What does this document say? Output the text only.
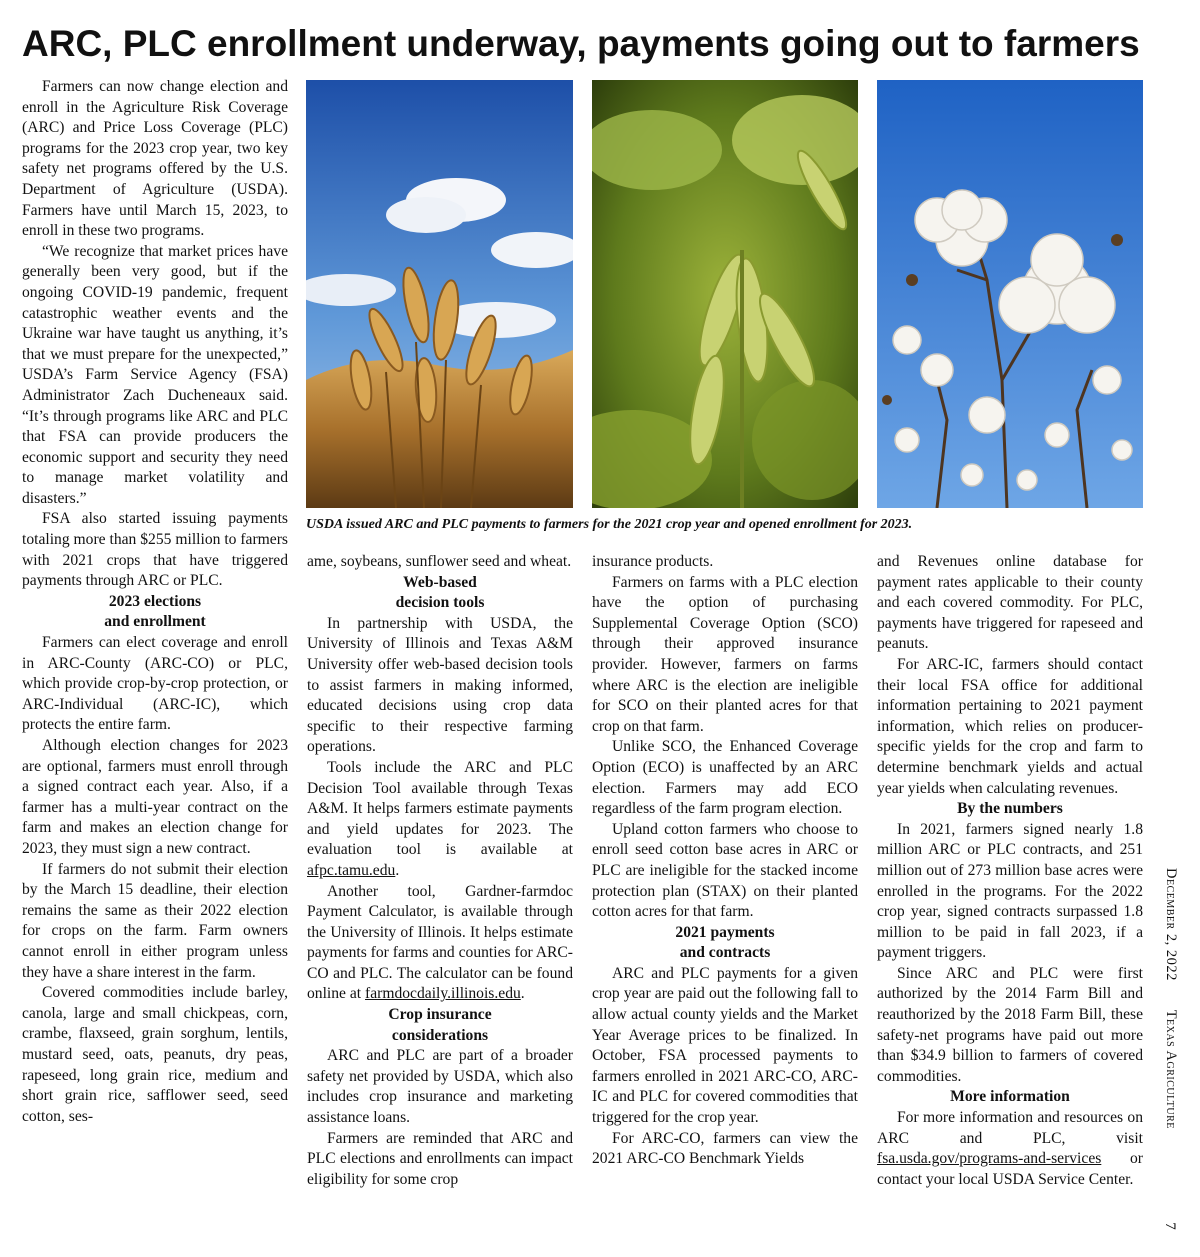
ARC, PLC enrollment underway, payments going out to farmers

Farmers can now change election and enroll in the Agriculture Risk Coverage (ARC) and Price Loss Coverage (PLC) programs for the 2023 crop year, two key safety net programs offered by the U.S. Department of Agriculture (USDA). Farmers have until March 15, 2023, to enroll in these two programs.

“We recognize that market prices have generally been very good, but if the ongoing COVID-19 pandemic, frequent catastrophic weather events and the Ukraine war have taught us anything, it’s that we must prepare for the unexpected,” USDA’s Farm Service Agency (FSA) Administrator Zach Ducheneaux said. “It’s through programs like ARC and PLC that FSA can provide producers the economic support and security they need to manage market volatility and disasters.”

FSA also started issuing payments totaling more than $255 million to farmers with 2021 crops that have triggered payments through ARC or PLC.

2023 elections
and enrollment

Farmers can elect coverage and enroll in ARC-County (ARC-CO) or PLC, which provide crop-by-crop protection, or ARC-Individual (ARC-IC), which protects the entire farm.

Although election changes for 2023 are optional, farmers must enroll through a signed contract each year. Also, if a farmer has a multi-year contract on the farm and makes an election change for 2023, they must sign a new contract.

If farmers do not submit their election by the March 15 deadline, their election remains the same as their 2022 election for crops on the farm. Farm owners cannot enroll in either program unless they have a share interest in the farm.

Covered commodities include barley, canola, large and small chickpeas, corn, crambe, flaxseed, grain sorghum, lentils, mustard seed, oats, peanuts, dry peas, rapeseed, long grain rice, medium and short grain rice, safflower seed, seed cotton, ses-

USDA issued ARC and PLC payments to farmers for the 2021 crop year and opened enrollment for 2023.

ame, soybeans, sunflower seed and wheat.

Web-based
decision tools

In partnership with USDA, the University of Illinois and Texas A&M University offer web-based decision tools to assist farmers in making informed, educated decisions using crop data specific to their respective farming operations.

Tools include the ARC and PLC Decision Tool available through Texas A&M. It helps farmers estimate payments and yield updates for 2023. The evaluation tool is available at afpc.tamu.edu.

Another tool, Gardner-farmdoc Payment Calculator, is available through the University of Illinois. It helps estimate payments for farms and counties for ARC-CO and PLC. The calculator can be found online at farmdocdaily.illinois.edu.

Crop insurance
considerations

ARC and PLC are part of a broader safety net provided by USDA, which also includes crop insurance and marketing assistance loans.

Farmers are reminded that ARC and PLC elections and enrollments can impact eligibility for some crop

insurance products.

Farmers on farms with a PLC election have the option of purchasing Supplemental Coverage Option (SCO) through their approved insurance provider. However, farmers on farms where ARC is the election are ineligible for SCO on their planted acres for that crop on that farm.

Unlike SCO, the Enhanced Coverage Option (ECO) is unaffected by an ARC election. Farmers may add ECO regardless of the farm program election.

Upland cotton farmers who choose to enroll seed cotton base acres in ARC or PLC are ineligible for the stacked income protection plan (STAX) on their planted cotton acres for that farm.

2021 payments
and contracts

ARC and PLC payments for a given crop year are paid out the following fall to allow actual county yields and the Market Year Average prices to be finalized. In October, FSA processed payments to farmers enrolled in 2021 ARC-CO, ARC-IC and PLC for covered commodities that triggered for the crop year.

For ARC-CO, farmers can view the 2021 ARC-CO Benchmark Yields

and Revenues online database for payment rates applicable to their county and each covered commodity. For PLC, payments have triggered for rapeseed and peanuts.

For ARC-IC, farmers should contact their local FSA office for additional information pertaining to 2021 payment information, which relies on producer-specific yields for the crop and farm to determine benchmark yields and actual year yields when calculating revenues.

By the numbers

In 2021, farmers signed nearly 1.8 million ARC or PLC contracts, and 251 million out of 273 million base acres were enrolled in the programs. For the 2022 crop year, signed contracts surpassed 1.8 million to be paid in fall 2023, if a payment triggers.

Since ARC and PLC were first authorized by the 2014 Farm Bill and reauthorized by the 2018 Farm Bill, these safety-net programs have paid out more than $34.9 billion to farmers of covered commodities.

More information

For more information and resources on ARC and PLC, visit fsa.usda.gov/programs-and-services or contact your local USDA Service Center.

December 2, 2022       Texas Agriculture
7
